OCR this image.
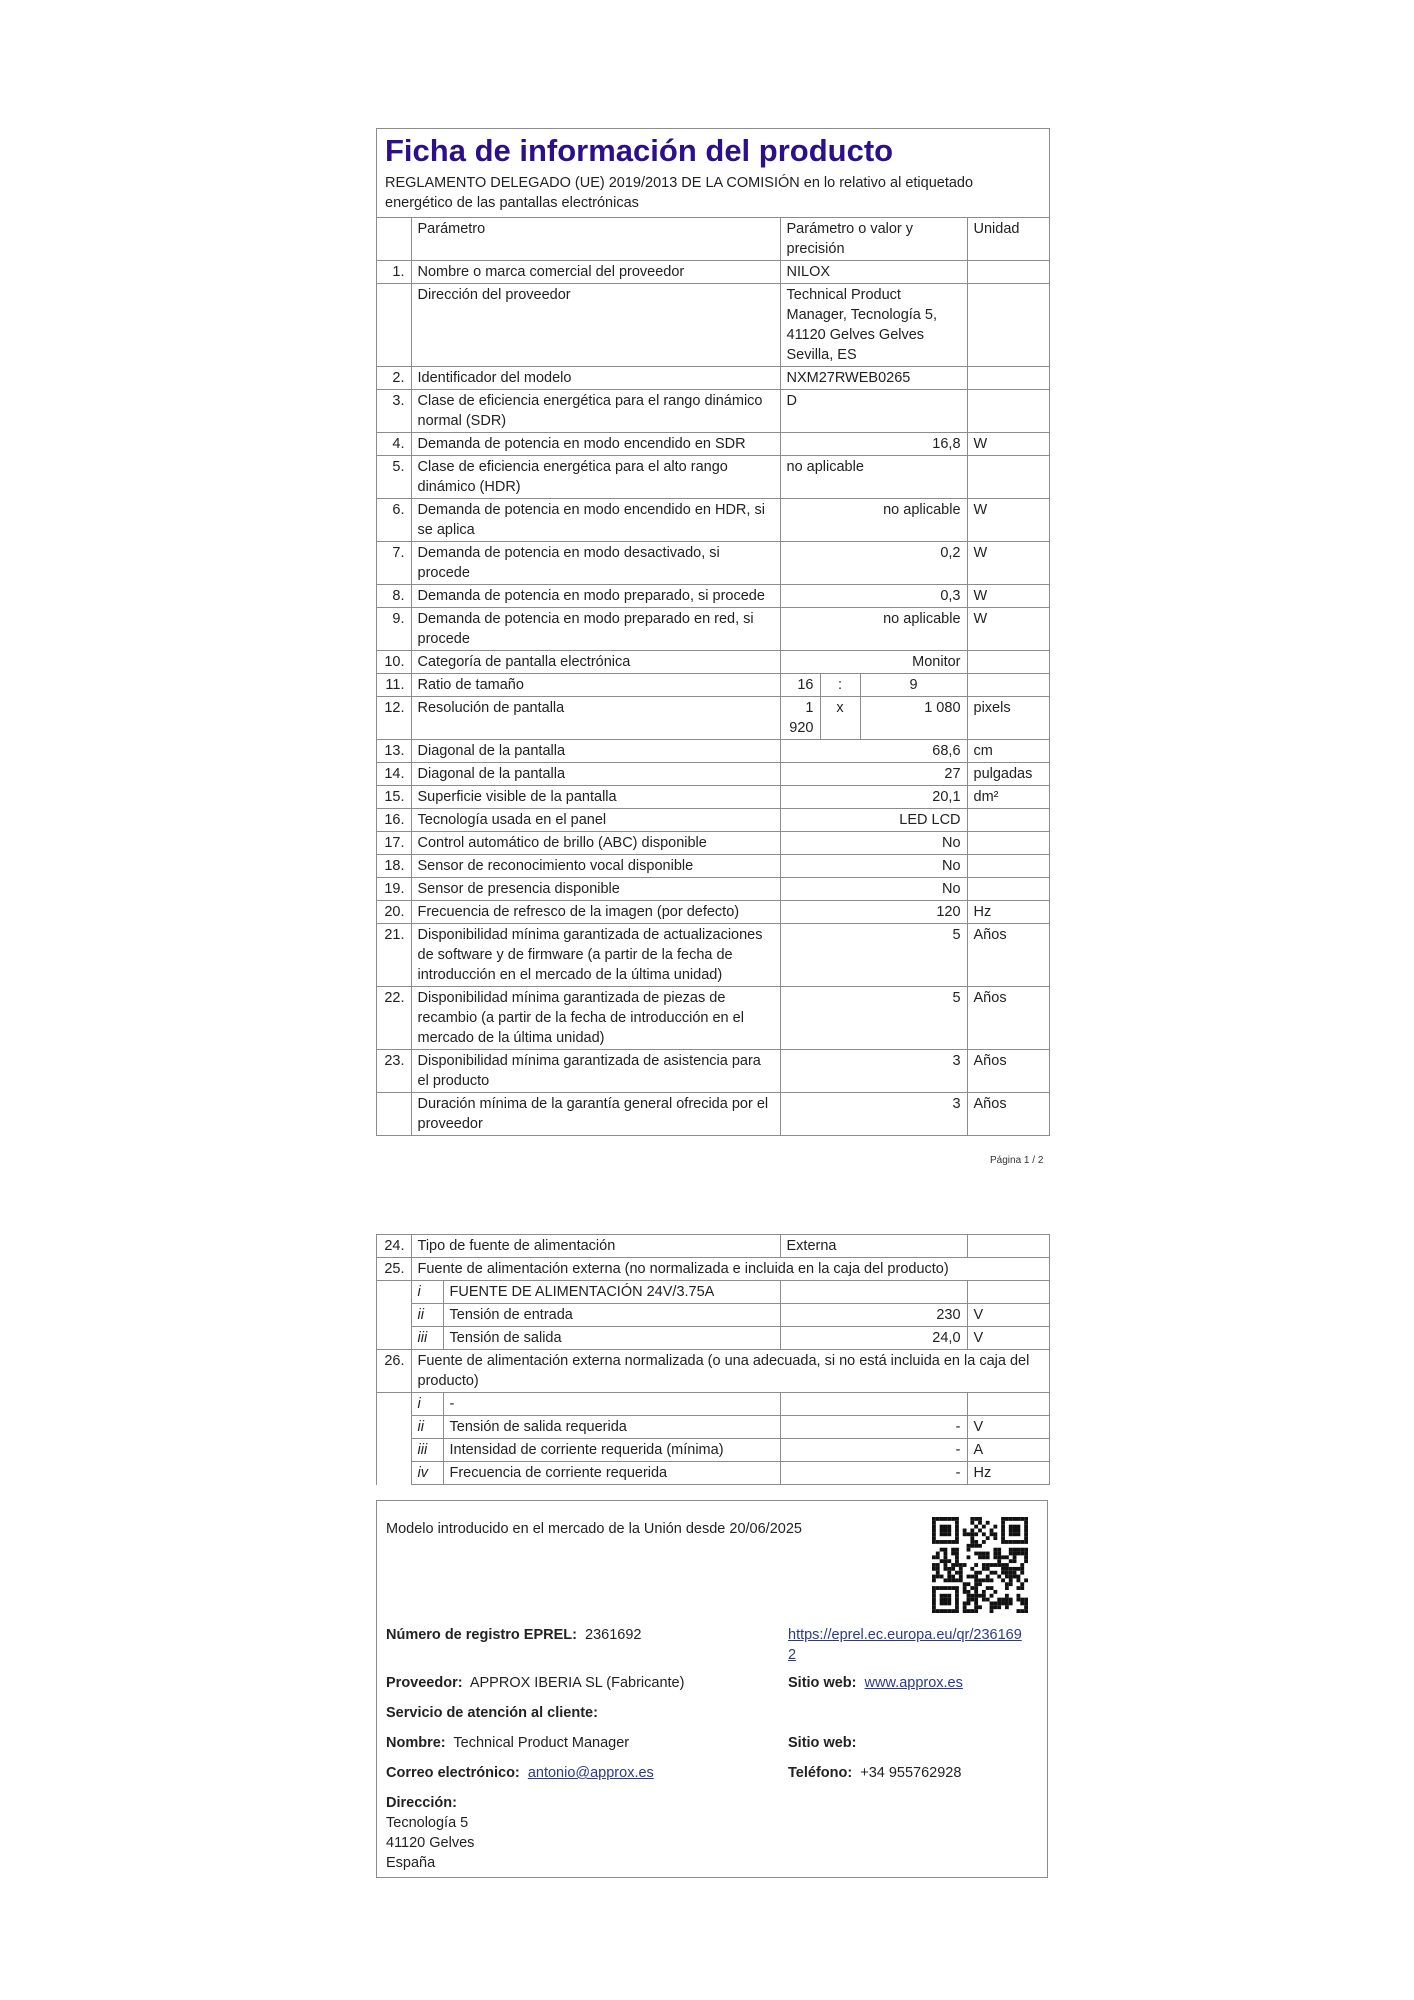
Ficha de información del producto
REGLAMENTO DELEGADO (UE) 2019/2013 DE LA COMISIÓN en lo relativo al etiquetado energético de las pantallas electrónicas
	Parámetro	Parámetro o valor y precisión			Unidad
1.	Nombre o marca comercial del proveedor	NILOX			
	Dirección del proveedor	Technical Product Manager, Tecnología 5, 41120 Gelves Gelves Sevilla, ES			
2.	Identificador del modelo	NXM27RWEB0265			
3.	Clase de eficiencia energética para el rango dinámico normal (SDR)	D			
4.	Demanda de potencia en modo encendido en SDR	16,8			W
5.	Clase de eficiencia energética para el alto rango dinámico (HDR)	no aplicable			
6.	Demanda de potencia en modo encendido en HDR, si se aplica	no aplicable			W
7.	Demanda de potencia en modo desactivado, si procede	0,2			W
8.	Demanda de potencia en modo preparado, si procede	0,3			W
9.	Demanda de potencia en modo preparado en red, si procede	no aplicable			W
10.	Categoría de pantalla electrónica	Monitor			
11.	Ratio de tamaño	16	:	9	
12.	Resolución de pantalla	1 920	x	1 080	pixels
13.	Diagonal de la pantalla	68,6			cm
14.	Diagonal de la pantalla	27			pulgadas
15.	Superficie visible de la pantalla	20,1			dm²
16.	Tecnología usada en el panel	LED LCD			
17.	Control automático de brillo (ABC) disponible	No			
18.	Sensor de reconocimiento vocal disponible	No			
19.	Sensor de presencia disponible	No			
20.	Frecuencia de refresco de la imagen (por defecto)	120			Hz
21.	Disponibilidad mínima garantizada de actualizaciones de software y de firmware (a partir de la fecha de introducción en el mercado de la última unidad)	5			Años
22.	Disponibilidad mínima garantizada de piezas de recambio (a partir de la fecha de introducción en el mercado de la última unidad)	5			Años
23.	Disponibilidad mínima garantizada de asistencia para el producto	3			Años
	Duración mínima de la garantía general ofrecida por el proveedor	3			Años
Página 1 / 2
24.	Tipo de fuente de alimentación		Externa	
25.	Fuente de alimentación externa (no normalizada e incluida en la caja del producto)			
	i	FUENTE DE ALIMENTACIÓN 24V/3.75A		
	ii	Tensión de entrada	230	V
	iii	Tensión de salida	24,0	V
26.	Fuente de alimentación externa normalizada (o una adecuada, si no está incluida en la caja del producto)			
	i	-		
	ii	Tensión de salida requerida	-	V
	iii	Intensidad de corriente requerida (mínima)	-	A
	iv	Frecuencia de corriente requerida	-	Hz
Modelo introducido en el mercado de la Unión desde 20/06/2025
Número de registro EPREL: 2361692	https://eprel.ec.europa.eu/qr/2361692
Proveedor: APPROX IBERIA SL (Fabricante)	Sitio web: www.approx.es
Servicio de atención al cliente:
Nombre: Technical Product Manager	Sitio web:
Correo electrónico: antonio@approx.es	Teléfono: +34 955762928
Dirección:
Tecnología 5
41120 Gelves
España
